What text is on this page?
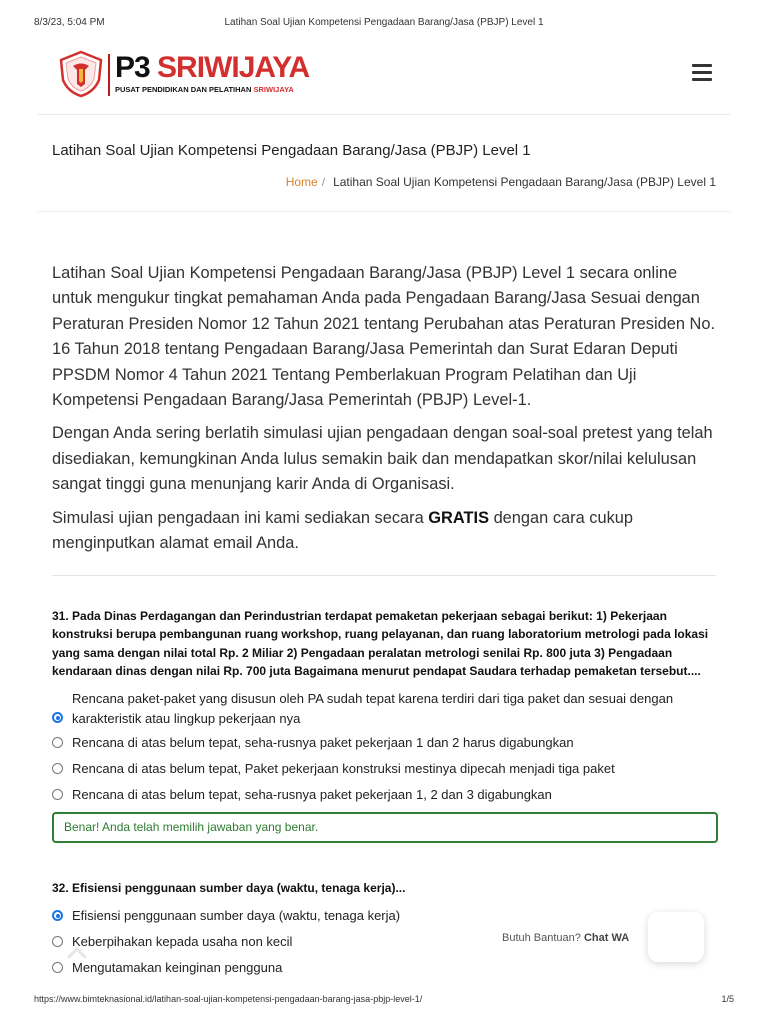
8/3/23, 5:04 PM	Latihan Soal Ujian Kompetensi Pengadaan Barang/Jasa (PBJP) Level 1
P3 SRIWIJAYA
PUSAT PENDIDIKAN DAN PELATIHAN SRIWIJAYA
Latihan Soal Ujian Kompetensi Pengadaan Barang/Jasa (PBJP) Level 1
Home / Latihan Soal Ujian Kompetensi Pengadaan Barang/Jasa (PBJP) Level 1

Latihan Soal Ujian Kompetensi Pengadaan Barang/Jasa (PBJP) Level 1 secara online untuk mengukur tingkat pemahaman Anda pada Pengadaan Barang/Jasa Sesuai dengan Peraturan Presiden Nomor 12 Tahun 2021 tentang Perubahan atas Peraturan Presiden No. 16 Tahun 2018 tentang Pengadaan Barang/Jasa Pemerintah dan Surat Edaran Deputi PPSDM Nomor 4 Tahun 2021 Tentang Pemberlakuan Program Pelatihan dan Uji Kompetensi Pengadaan Barang/Jasa Pemerintah (PBJP) Level-1.

Dengan Anda sering berlatih simulasi ujian pengadaan dengan soal-soal pretest yang telah disediakan, kemungkinan Anda lulus semakin baik dan mendapatkan skor/nilai kelulusan sangat tinggi guna menunjang karir Anda di Organisasi.

Simulasi ujian pengadaan ini kami sediakan secara GRATIS dengan cara cukup menginputkan alamat email Anda.

31. Pada Dinas Perdagangan dan Perindustrian terdapat pemaketan pekerjaan sebagai berikut: 1) Pekerjaan konstruksi berupa pembangunan ruang workshop, ruang pelayanan, dan ruang laboratorium metrologi pada lokasi yang sama dengan nilai total Rp. 2 Miliar 2) Pengadaan peralatan metrologi senilai Rp. 800 juta 3) Pengadaan kendaraan dinas dengan nilai Rp. 700 juta Bagaimana menurut pendapat Saudara terhadap pemaketan tersebut....

Rencana paket-paket yang disusun oleh PA sudah tepat karena terdiri dari tiga paket dan sesuai dengan karakteristik atau lingkup pekerjaan nya
Rencana di atas belum tepat, seha-rusnya paket pekerjaan 1 dan 2 harus digabungkan
Rencana di atas belum tepat, Paket pekerjaan konstruksi mestinya dipecah menjadi tiga paket
Rencana di atas belum tepat, seha-rusnya paket pekerjaan 1, 2 dan 3 digabungkan
Benar! Anda telah memilih jawaban yang benar.

32. Efisiensi penggunaan sumber daya (waktu, tenaga kerja)...

Efisiensi penggunaan sumber daya (waktu, tenaga kerja)
Keberpihakan kepada usaha non kecil
Mengutamakan keinginan pengguna
Butuh Bantuan? Chat WA
https://www.bimteknasional.id/latihan-soal-ujian-kompetensi-pengadaan-barang-jasa-pbjp-level-1/	1/5
